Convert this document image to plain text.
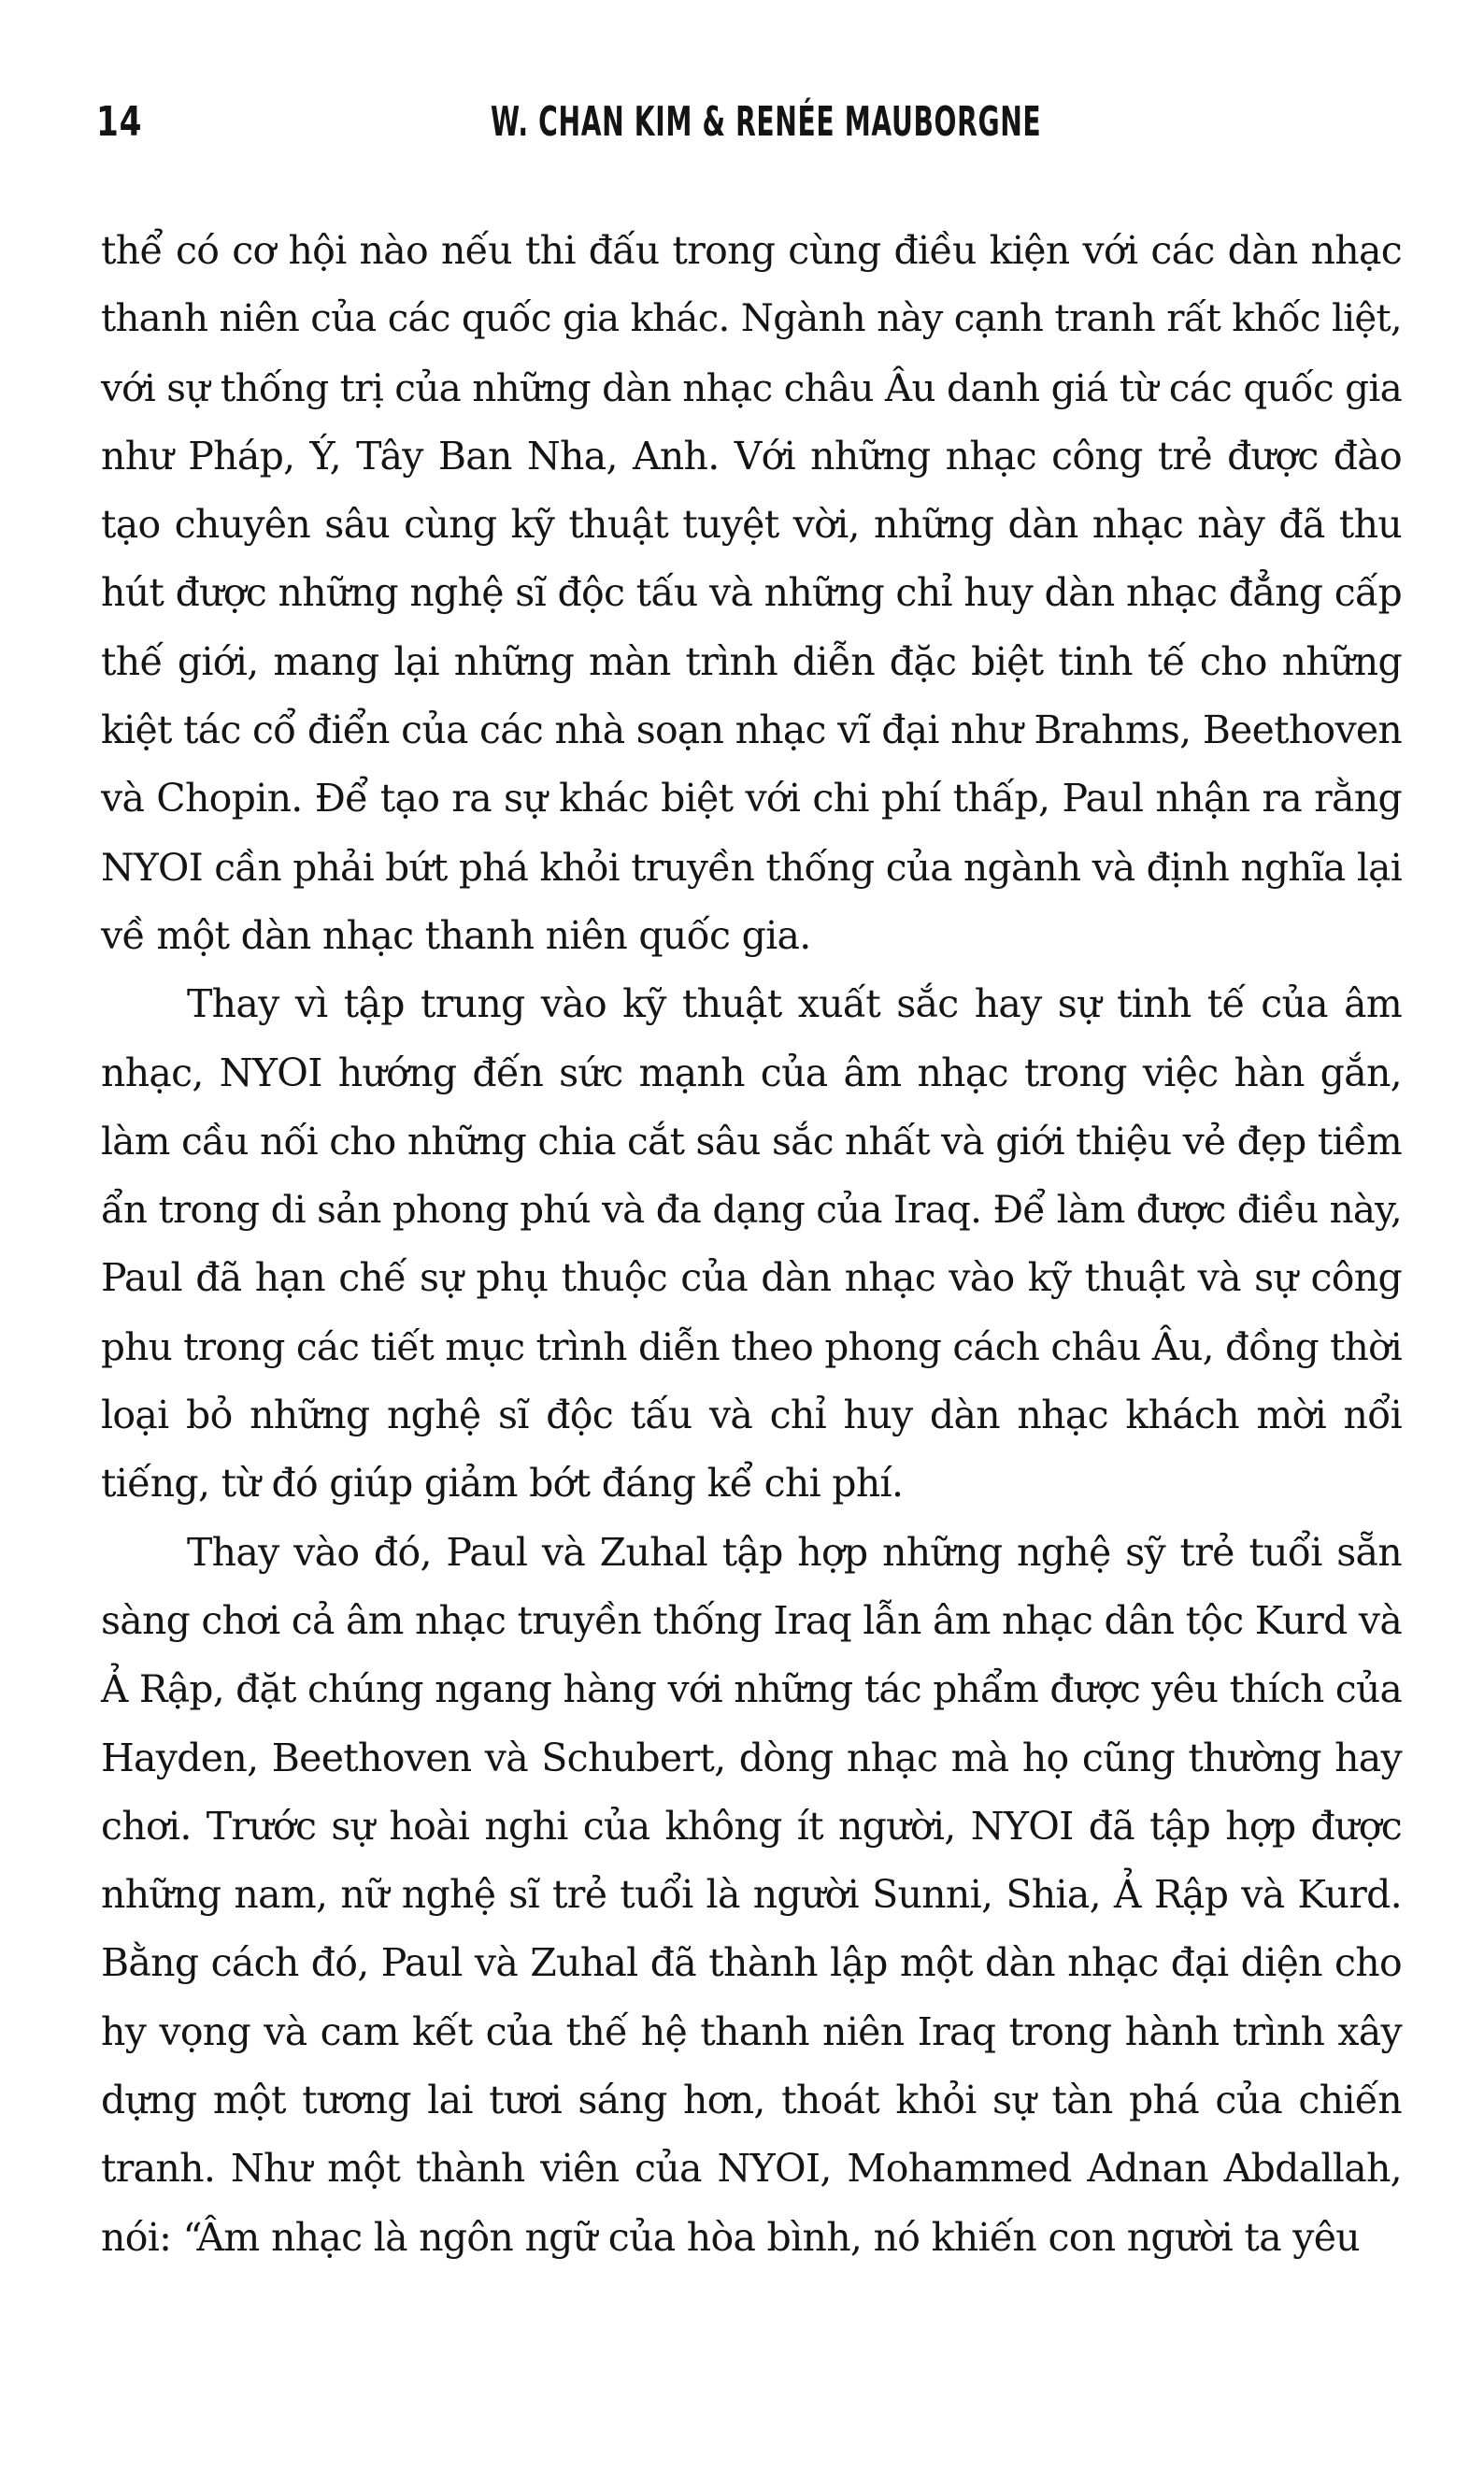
14	W. CHAN KIM & RENÉE MAUBORGNE
thể có cơ hội nào nếu thi đấu trong cùng điều kiện với các dàn nhạc
thanh niên của các quốc gia khác. Ngành này cạnh tranh rất khốc liệt,
với sự thống trị của những dàn nhạc châu Âu danh giá từ các quốc gia
như Pháp, Ý, Tây Ban Nha, Anh. Với những nhạc công trẻ được đào
tạo chuyên sâu cùng kỹ thuật tuyệt vời, những dàn nhạc này đã thu
hút được những nghệ sĩ độc tấu và những chỉ huy dàn nhạc đẳng cấp
thế giới, mang lại những màn trình diễn đặc biệt tinh tế cho những
kiệt tác cổ điển của các nhà soạn nhạc vĩ đại như Brahms, Beethoven
và Chopin. Để tạo ra sự khác biệt với chi phí thấp, Paul nhận ra rằng
NYOI cần phải bứt phá khỏi truyền thống của ngành và định nghĩa lại
về một dàn nhạc thanh niên quốc gia.
Thay vì tập trung vào kỹ thuật xuất sắc hay sự tinh tế của âm
nhạc, NYOI hướng đến sức mạnh của âm nhạc trong việc hàn gắn,
làm cầu nối cho những chia cắt sâu sắc nhất và giới thiệu vẻ đẹp tiềm
ẩn trong di sản phong phú và đa dạng của Iraq. Để làm được điều này,
Paul đã hạn chế sự phụ thuộc của dàn nhạc vào kỹ thuật và sự công
phu trong các tiết mục trình diễn theo phong cách châu Âu, đồng thời
loại bỏ những nghệ sĩ độc tấu và chỉ huy dàn nhạc khách mời nổi
tiếng, từ đó giúp giảm bớt đáng kể chi phí.
Thay vào đó, Paul và Zuhal tập hợp những nghệ sỹ trẻ tuổi sẵn
sàng chơi cả âm nhạc truyền thống Iraq lẫn âm nhạc dân tộc Kurd và
Ả Rập, đặt chúng ngang hàng với những tác phẩm được yêu thích của
Hayden, Beethoven và Schubert, dòng nhạc mà họ cũng thường hay
chơi. Trước sự hoài nghi của không ít người, NYOI đã tập hợp được
những nam, nữ nghệ sĩ trẻ tuổi là người Sunni, Shia, Ả Rập và Kurd.
Bằng cách đó, Paul và Zuhal đã thành lập một dàn nhạc đại diện cho
hy vọng và cam kết của thế hệ thanh niên Iraq trong hành trình xây
dựng một tương lai tươi sáng hơn, thoát khỏi sự tàn phá của chiến
tranh. Như một thành viên của NYOI, Mohammed Adnan Abdallah,
nói: “Âm nhạc là ngôn ngữ của hòa bình, nó khiến con người ta yêu
